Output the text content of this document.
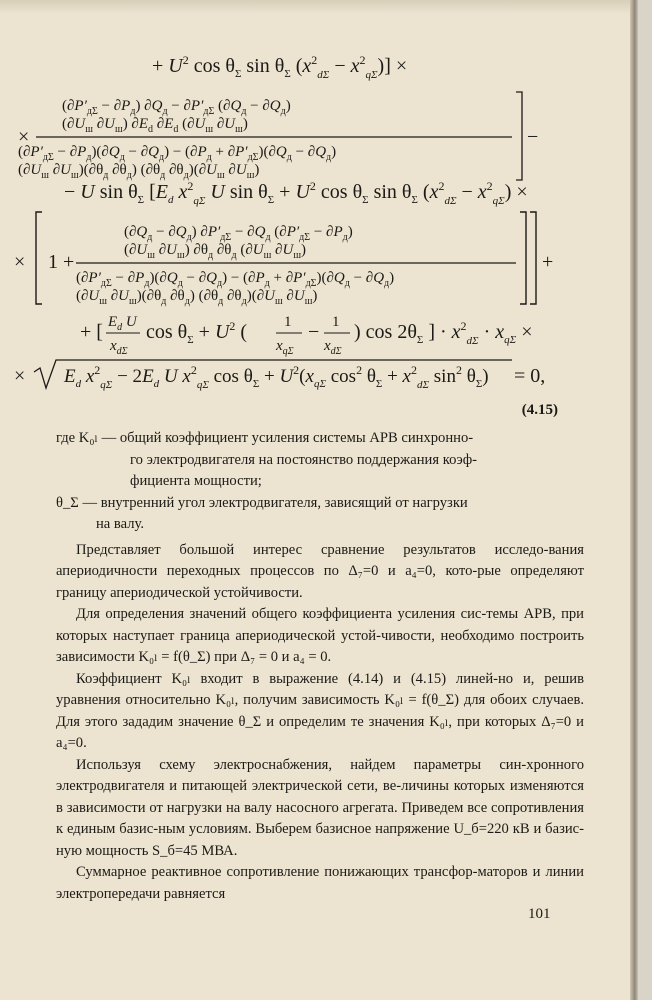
+ $U^2$ $\cos \theta_\Sigma$ $\sin \theta_\Sigma$ $(x^2_{d\Sigma} - x^2_{q\Sigma})$] ×
×
$(\partial P'_{д\Sigma} - \partial P_д) \partial Q_д - \partial P'_{д\Sigma}$ $(\partial Q_д - \partial Q_д)$
($\partial U_ш$ $\partial U_ш$) $\partial E_d$ $\partial E_d$ ($\partial U_ш$ $\partial U_ш$)
$(\partial P'_{д\Sigma} - \partial P_д)(\partial Q_д - \partial Q_д) - (\partial P_д + \partial P'_{д\Sigma})(\partial Q_д - \partial Q_д)$
($\partial U_ш$ $\partial U_ш)(\partial\theta_д$ $\partial\theta_д$) ($\partial\theta_д$ $\partial\theta_д)(\partial U_ш$ $\partial U_ш$)
−
− U $\sin \theta_\Sigma$ [$E_d$ $x^2_{q\Sigma}$ U $\sin \theta_\Sigma + U^2$ $\cos \theta_\Sigma$ $\sin \theta_\Sigma$ $(x^2_{d\Sigma} - x^2_{q\Sigma})$ ×
× 1 +
$(\partial Q_д - \partial Q_д) \partial P'_{д\Sigma} - \partial Q_д$ $(\partial P'_{д\Sigma} - \partial P_д)$
($\partial U_ш$ $\partial U_ш$) $\partial\theta_д$ $\partial\theta_д$ ($\partial U_ш$ $\partial U_ш$)
$(\partial P'_{д\Sigma} - \partial P_д)(\partial Q_д - \partial Q_д) - (\partial P_д + \partial P'_{д\Sigma})(\partial Q_д - \partial Q_д)$
($\partial U_ш$ $\partial U_ш)(\partial\theta_д$ $\partial\theta_д$) ($\partial\theta_д$ $\partial\theta_д)(\partial U_ш$ $\partial U_ш$)
+
+ [ $E_d$ U
$x_{d\Sigma}$
$\cos \theta_\Sigma + U^2$ ( 1
$x_{q\Sigma}$
− 1
$x_{d\Sigma}$
) $\cos 2\theta_\Sigma$ ] · $x^2_{d\Sigma} \cdot x_{q\Sigma}$ ×
× $E_d$ $x^2_{q\Sigma} - 2E_d$ U $x^2_{q\Sigma}$ $\cos \theta_\Sigma + U^2(x_{q\Sigma}$ $\cos^2 \theta_\Sigma + x^2_{d\Sigma}$ $\sin^2 \theta_\Sigma) = 0$,
(4.15)

где K₀ₗ — общий коэффициент усиления системы АРВ синхронно-

го электродвигателя на постоянство поддержания коэф-

фициента мощности;

θ_Σ — внутренний угол электродвигателя, зависящий от нагрузки

на валу.

Представляет большой интерес сравнение результатов исследо-вания апериодичности переходных процессов по Δ₇=0 и a₄=0, кото-рые определяют границу апериодической устойчивости.

Для определения значений общего коэффициента усиления сис-темы АРВ, при которых наступает граница апериодической устой-чивости, необходимо построить зависимости K₀ₗ = f(θ_Σ) при Δ₇ = 0 и a₄ = 0.

Коэффициент K₀ₗ входит в выражение (4.14) и (4.15) линей-но и, решив уравнения относительно K₀ₗ, получим зависимость K₀ₗ = f(θ_Σ) для обоих случаев. Для этого зададим значение θ_Σ и определим те значения K₀ₗ, при которых Δ₇=0 и a₄=0.

Используя схему электроснабжения, найдем параметры син-хронного электродвигателя и питающей электрической сети, ве-личины которых изменяются в зависимости от нагрузки на валу насосного агрегата. Приведем все сопротивления к единым базис-ным условиям. Выберем базисное напряжение U_б=220 кВ и базис-ную мощность S_б=45 МВА.

Суммарное реактивное сопротивление понижающих трансфор-маторов и линии электропередачи равняется

101
